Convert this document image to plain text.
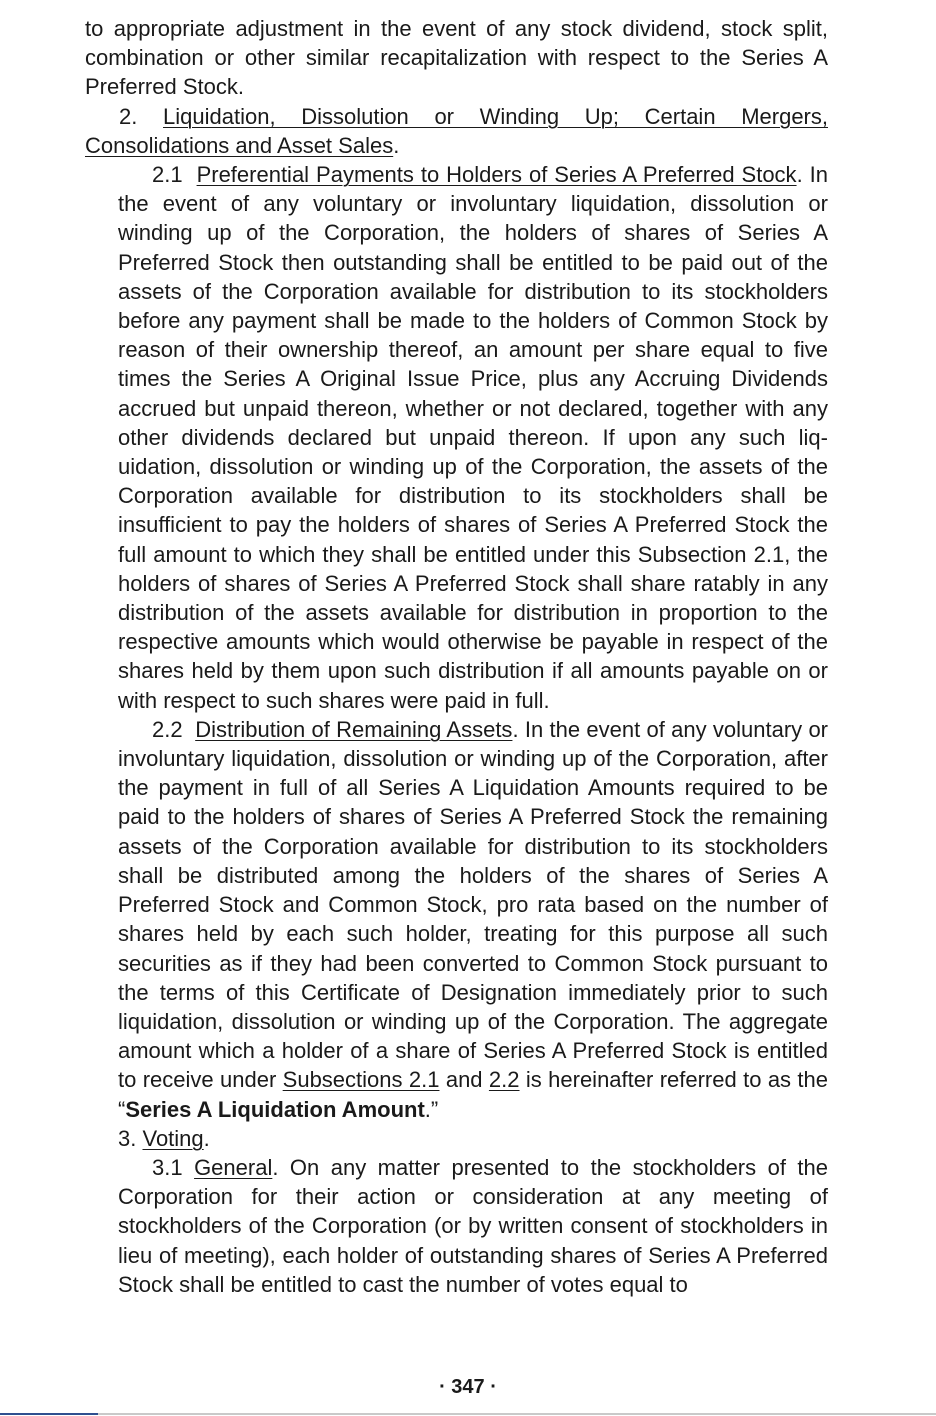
to appropriate adjustment in the event of any stock dividend, stock split, combination or other similar recapitalization with respect to the Series A Preferred Stock.

2. Liquidation, Dissolution or Winding Up; Certain Mergers, Consolidations and Asset Sales.

2.1 Preferential Payments to Holders of Series A Preferred Stock. In the event of any voluntary or involuntary liquidation, dissolution or winding up of the Corporation, the holders of shares of Series A Preferred Stock then outstanding shall be entitled to be paid out of the assets of the Corporation available for distribution to its stockholders before any payment shall be made to the holders of Common Stock by reason of their ownership thereof, an amount per share equal to five times the Series A Original Issue Price, plus any Accruing Dividends accrued but unpaid thereon, whether or not declared, together with any other dividends declared but unpaid thereon. If upon any such liquidation, dissolution or winding up of the Corporation, the assets of the Corporation available for distribution to its stockholders shall be insufficient to pay the holders of shares of Series A Preferred Stock the full amount to which they shall be entitled under this Subsection 2.1, the holders of shares of Series A Preferred Stock shall share ratably in any distribution of the assets available for distribution in proportion to the respective amounts which would otherwise be payable in respect of the shares held by them upon such distribution if all amounts payable on or with respect to such shares were paid in full.

2.2 Distribution of Remaining Assets. In the event of any voluntary or involuntary liquidation, dissolution or winding up of the Corporation, after the payment in full of all Series A Liquidation Amounts required to be paid to the holders of shares of Series A Preferred Stock the remaining assets of the Corporation available for distribution to its stockholders shall be distributed among the holders of the shares of Series A Preferred Stock and Common Stock, pro rata based on the number of shares held by each such holder, treating for this purpose all such securities as if they had been converted to Common Stock pursuant to the terms of this Certificate of Designation immediately prior to such liquidation, dissolution or winding up of the Corporation. The aggregate amount which a holder of a share of Series A Preferred Stock is entitled to receive under Subsections 2.1 and 2.2 is hereinafter referred to as the “Series A Liquidation Amount.”

3. Voting.

3.1 General. On any matter presented to the stockholders of the Corporation for their action or consideration at any meeting of stockholders of the Corporation (or by written consent of stockholders in lieu of meeting), each holder of outstanding shares of Series A Preferred Stock shall be entitled to cast the number of votes equal to

· 347 ·
